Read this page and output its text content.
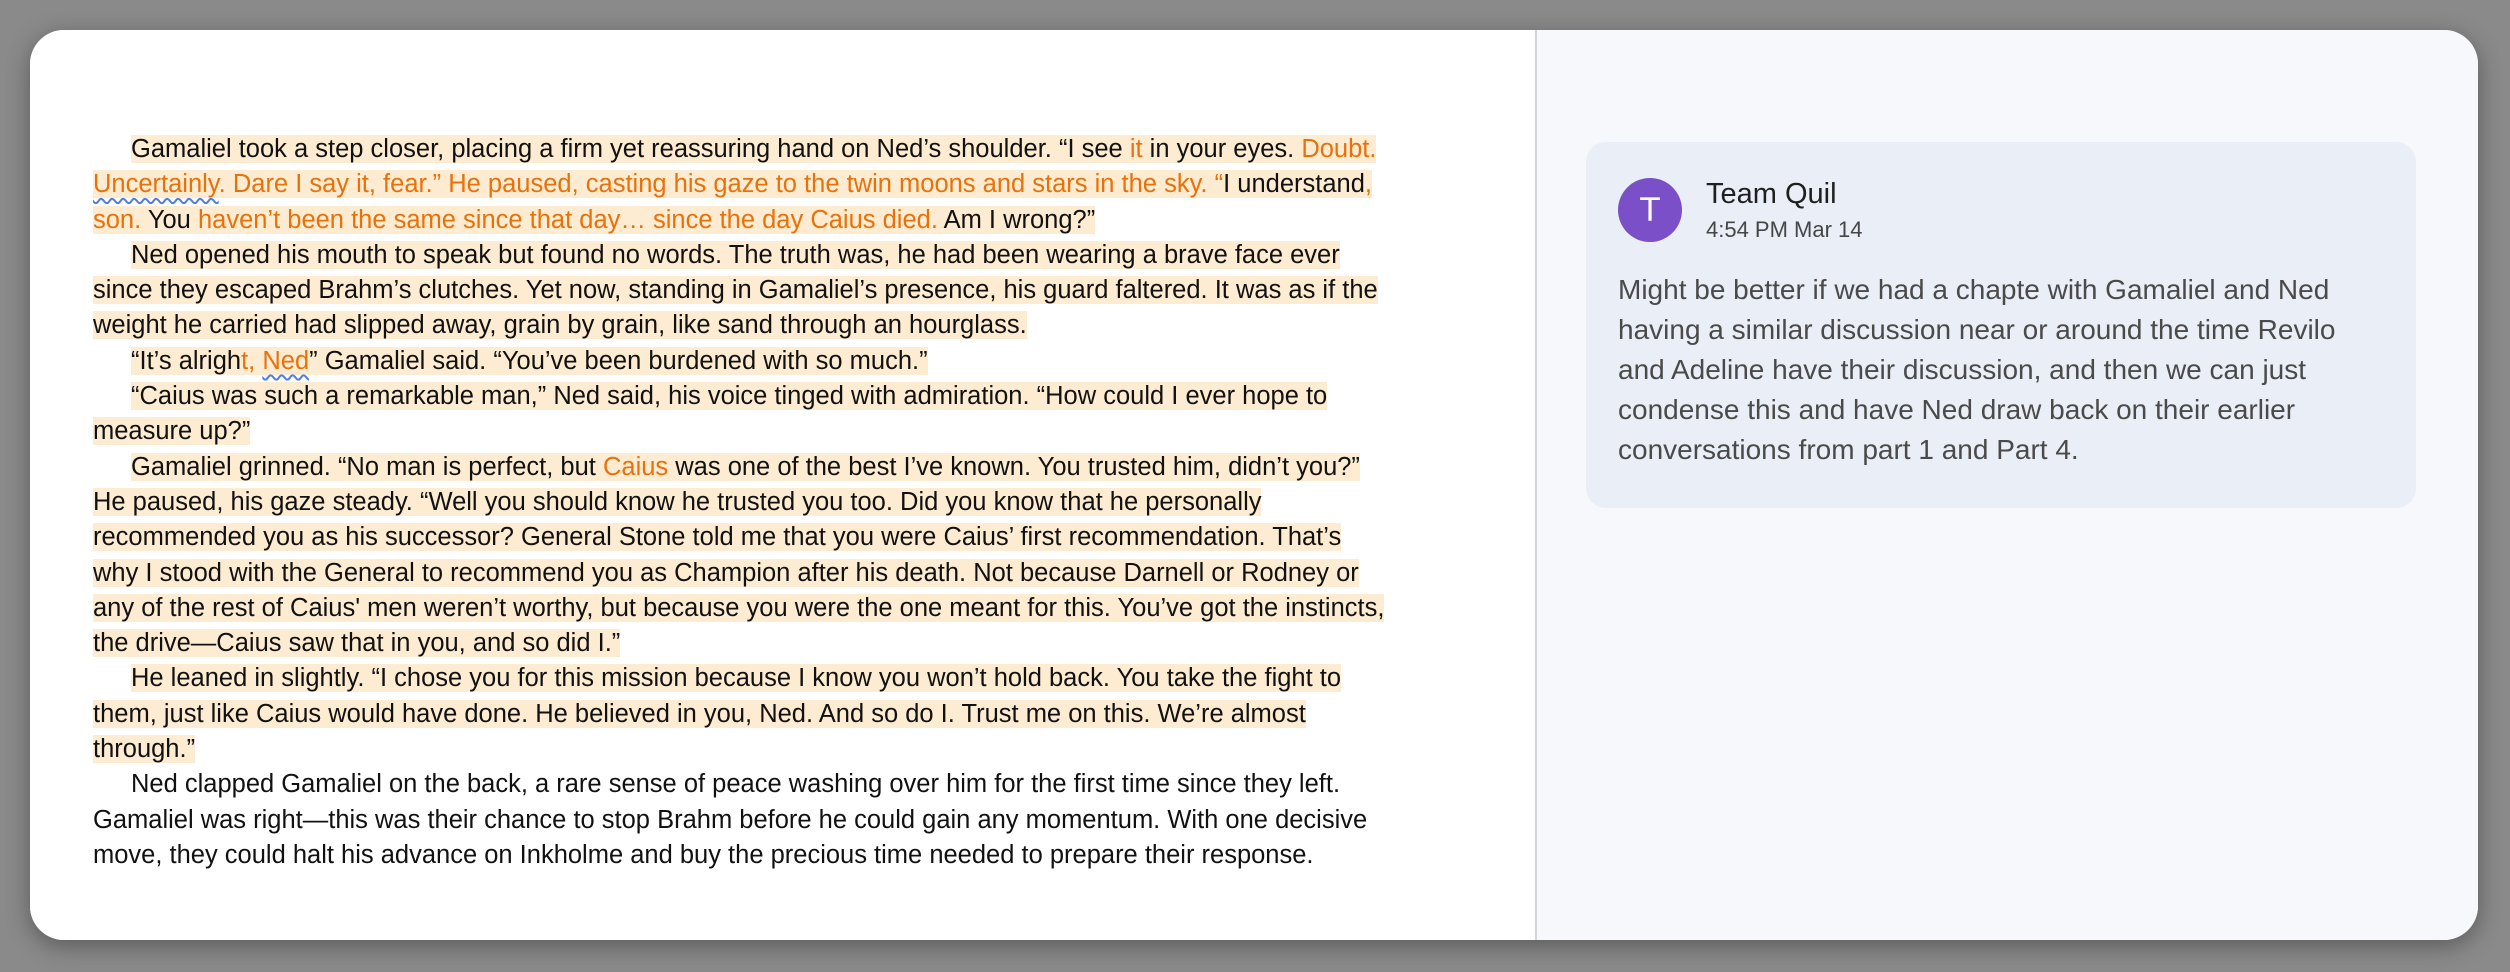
Gamaliel took a step closer, placing a firm yet reassuring hand on Ned’s shoulder. “I see it in your eyes. Doubt. Uncertainly. Dare I say it, fear.” He paused, casting his gaze to the twin moons and stars in the sky. “I understand, son. You haven’t been the same since that day… since the day Caius died. Am I wrong?”

Ned opened his mouth to speak but found no words. The truth was, he had been wearing a brave face ever since they escaped Brahm’s clutches. Yet now, standing in Gamaliel’s presence, his guard faltered. It was as if the weight he carried had slipped away, grain by grain, like sand through an hourglass.

“It’s alright, Ned” Gamaliel said. “You’ve been burdened with so much.”

“Caius was such a remarkable man,” Ned said, his voice tinged with admiration. “How could I ever hope to measure up?”

Gamaliel grinned. “No man is perfect, but Caius was one of the best I’ve known. You trusted him, didn’t you?” He paused, his gaze steady. “Well you should know he trusted you too. Did you know that he personally recommended you as his successor? General Stone told me that you were Caius’ first recommendation. That’s why I stood with the General to recommend you as Champion after his death. Not because Darnell or Rodney or any of the rest of Caius' men weren’t worthy, but because you were the one meant for this. You’ve got the instincts, the drive—Caius saw that in you, and so did I.”

He leaned in slightly. “I chose you for this mission because I know you won’t hold back. You take the fight to them, just like Caius would have done. He believed in you, Ned. And so do I. Trust me on this. We’re almost through.”

Ned clapped Gamaliel on the back, a rare sense of peace washing over him for the first time since they left. Gamaliel was right—this was their chance to stop Brahm before he could gain any momentum. With one decisive move, they could halt his advance on Inkholme and buy the precious time needed to prepare their response.

T	Team Quil
4:54 PM Mar 14
Might be better if we had a chapte with Gamaliel and Ned having a similar discussion near or around the time Revilo and Adeline have their discussion, and then we can just condense this and have Ned draw back on their earlier conversations from part 1 and Part 4.
